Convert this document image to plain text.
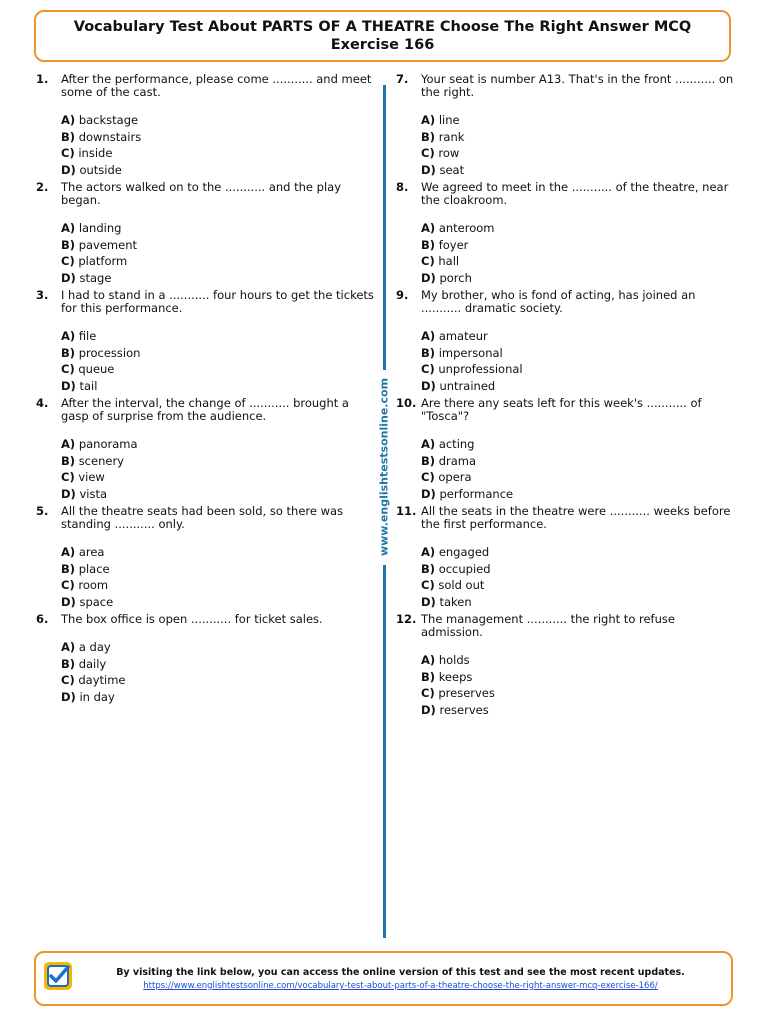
Vocabulary Test About PARTS OF A THEATRE Choose The Right Answer MCQ
Exercise 166
1.	After the performance, please come ........... and meet some of the cast.
A) backstage
B) downstairs
C) inside
D) outside
2.	The actors walked on to the ........... and the play began.
A) landing
B) pavement
C) platform
D) stage
3.	I had to stand in a ........... four hours to get the tickets for this performance.
A) file
B) procession
C) queue
D) tail
4.	After the interval, the change of ........... brought a gasp of surprise from the audience.
A) panorama
B) scenery
C) view
D) vista
5.	All the theatre seats had been sold, so there was standing ........... only.
A) area
B) place
C) room
D) space
6.	The box office is open ........... for ticket sales.
A) a day
B) daily
C) daytime
D) in day
7.	Your seat is number A13. That's in the front ........... on the right.
A) line
B) rank
C) row
D) seat
8.	We agreed to meet in the ........... of the theatre, near the cloakroom.
A) anteroom
B) foyer
C) hall
D) porch
9.	My brother, who is fond of acting, has joined an ........... dramatic society.
A) amateur
B) impersonal
C) unprofessional
D) untrained
10. Are there any seats left for this week's ........... of "Tosca"?
A) acting
B) drama
C) opera
D) performance
11. All the seats in the theatre were ........... weeks before the first performance.
A) engaged
B) occupied
C) sold out
D) taken
12. The management ........... the right to refuse admission.
A) holds
B) keeps
C) preserves
D) reserves
www.englishtestsonline.com
By visiting the link below, you can access the online version of this test and see the most recent updates.
https://www.englishtestsonline.com/vocabulary-test-about-parts-of-a-theatre-choose-the-right-answer-mcq-exercise-166/
